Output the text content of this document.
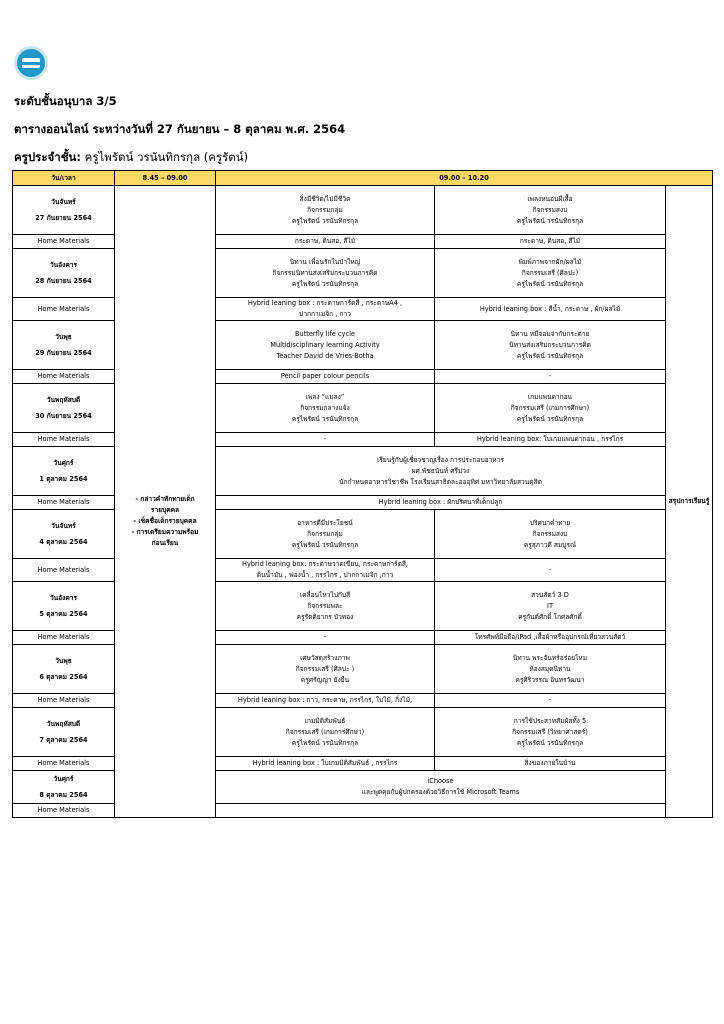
ระดับชั้นอนุบาล 3/5
ตารางออนไลน์ ระหว่างวันที่ 27 กันยายน – 8 ตุลาคม พ.ศ. 2564
ครูประจำชั้น: ครูไพรัตน์ วรนันทิกรกุล (ครูรัตน์)
วัน/เวลา	8.45 – 09.00	09.00 – 10.20		

วันจันทร์
27 กันยายน 2564	- กล่าวคำทักทายเด็ก
รายบุคคล
- เช็คชื่อเด็กรายบุคคล
- การเตรียมความพร้อม
ก่อนเรียน	สิ่งมีชีวิต/ไม่มีชีวิต
กิจกรรมกลุ่ม
ครูไพรัตน์ วรนันทิกรกุล	เพลงหนอนผีเสื้อ
กิจกรรมสงบ
ครูไพรัตน์ วรนันทิกรกุล	สรุปการเรียนรู้
Home Materials		กระดาษ, ดินสอ, สีไม้	กระดาษ, ดินสอ, สีไม้	

วันอังคาร
28 กันยายน 2564		นิทาน เพื่อนรักในป่าใหญ่
กิจกรรมนิทานส่งเสริมกระบวนการคิด
ครูไพรัตน์ วรนันทิกรกุล	พิมพ์ภาพจากผัก/ผลไม้
กิจกรรมเสรี (ศิลปะ)
ครูไพรัตน์ วรนันทิกรกุล	

Home Materials		Hybrid leaning box : กระดาษการ์ดสี , กระดาษA4 ,
ปากกาเมจิก , กาว	Hybrid leaning box : สีน้ำ, กระดาษ , ผัก/ผลไม้	

วันพุธ
29 กันยายน 2564		Butterfly life cycle
Multidisciplinary learning Activity
Teacher David de Vries-Botha	นิทาน หมีจอมจ่ากับกระต่าย
นิทานส่งเสริมกระบวนการคิด
ครูไพรัตน์ วรนันทิกรกุล	

Home Materials		Pencil paper colour pencils	-	

วันพฤหัสบดี
30 กันยายน 2564		เพลง “แมลง”
กิจกรรมกลางแจ้ง
ครูไพรัตน์ วรนันทิกรกุล	เกมแพนดากอน
กิจกรรมเสรี (เกมการศึกษา)
ครูไพรัตน์ วรนันทิกรกุล	

Home Materials		-	Hybrid leaning box: ใบเกมแพนดากอน , กรรไกร	

วันศุกร์
1 ตุลาคม 2564		เรียนรู้กับผู้เชี่ยวชาญเรื่อง การประกอบอาหาร
ผศ.พัชธนันท์ ศรีม่วง
นักกำหนดอาหารวิชาชีพ โรงเรียนสาธิตละอออุทิศ มหาวิทยาลัยสวนดุสิต		

Home Materials		Hybrid leaning box : ผักปริศนาที่เด็กปลูก		

วันจันทร์
4 ตุลาคม 2564		อาหารดีมีประโยชน์
กิจกรรมกลุ่ม
ครูไพรัตน์ วรนันทิกรกุล	ปริศนาคำทาย
กิจกรรมสงบ
ครูสุภาวดี สมบูรณ์	

Home Materials		Hybrid leaning box: กระดาษวาดเขียน, กระดาษการ์ดสี,
ดินน้ำมัน , ฟองน้ำ , กรรไกร , ปากกาเมจิก ,กาว	-	

วันอังคาร
5 ตุลาคม 2564		เคลื่อนไหวไปกับสี
กิจกรรมพละ
ครูรัตติยากร บัวทอง	สวนสัตว์ 3 D
IT
ครูกันต์ศักดิ์ โกศลศักดิ์	

Home Materials		-	โทรศัพท์มือถือ/iPad ,เสื้อผ้าหรืออุปกรณ์เที่ยวสวนสัตว์	

วันพุธ
6 ตุลาคม 2564		เศษวัสดุสร้างภาพ
กิจกรรมเสรี (ศิลปะ )
ครูศรัญญา ยังยืน	นิทาน พระจันทร์อร่อยไหม
ห้องสมุดนิทาน
ครูศิริวรรณ อินทรวัฒนา	

Home Materials		Hybrid leaning box : กาว, กระดาษ, กรรไกร, ใบไม้, กิ่งไม้,	-	

วันพฤหัสบดี
7 ตุลาคม 2564		เกมมิติสัมพันธ์
กิจกรรมเสรี (เกมการศึกษา)
ครูไพรัตน์ วรนันทิกรกุล	การใช้ประสาทสัมผัสทั้ง 5
กิจกรรมเสรี (วิทยาศาสตร์)
ครูไพรัตน์ วรนันทิกรกุล	

Home Materials		Hybrid leaning box : ใบเกมมิติสัมพันธ์ , กรรไกร	สิ่งของภายในบ้าน	

วันศุกร์
8 ตุลาคม 2564		iChoose
และพูดคุยกับผู้ปกครองด้วยวิธีการใช้ Microsoft Teams		

Home Materials				
